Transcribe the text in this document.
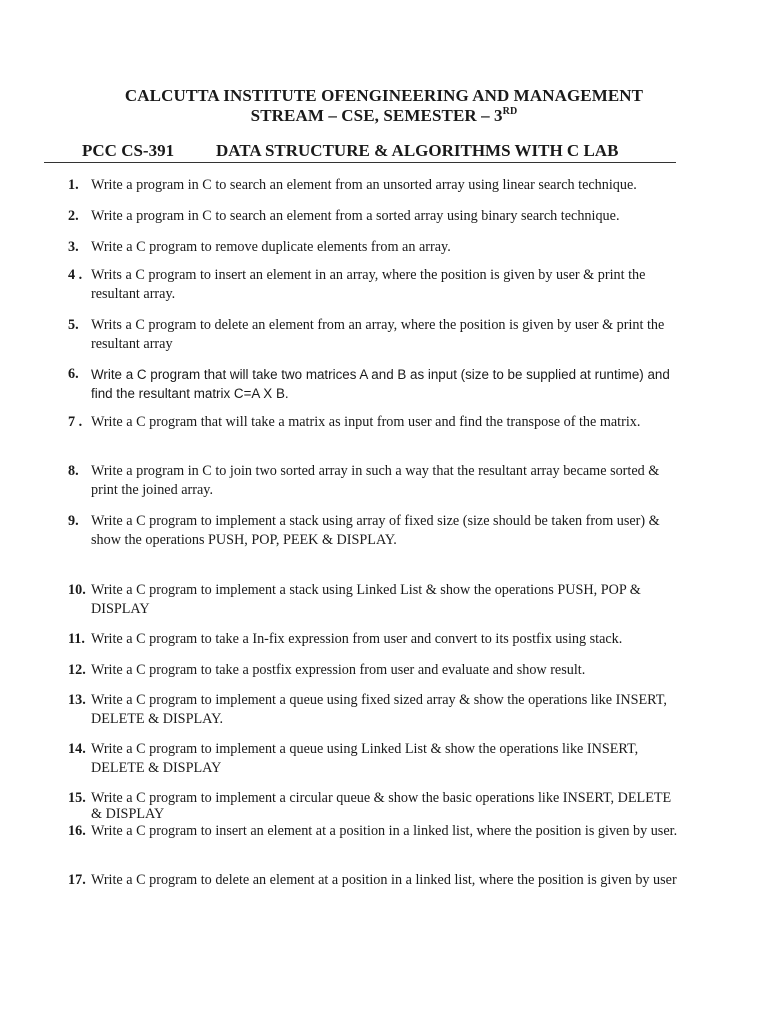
CALCUTTA INSTITUTE OFENGINEERING AND MANAGEMENT
STREAM – CSE, SEMESTER – 3RD
PCC CS-391 DATA STRUCTURE & ALGORITHMS WITH C LAB
1. Write a program in C to search an element from an unsorted array using linear search technique.
2. Write a program in C to search an element from a sorted array using binary search technique.
3. Write a C program to remove duplicate elements from an array.
4 . Writs a C program to insert an element in an array, where the position is given by user & print the resultant array.
5. Writs a C program to delete an element from an array, where the position is given by user & print the resultant array
6. Write a C program that will take two matrices A and B as input (size to be supplied at runtime) and find the resultant matrix C=A X B.
7 . Write a C program that will take a matrix as input from user and find the transpose of the matrix.
8. Write a program in C to join two sorted array in such a way that the resultant array became sorted & print the joined array.
9. Write a C program to implement a stack using array of fixed size (size should be taken from user) & show the operations PUSH, POP, PEEK & DISPLAY.
10. Write a C program to implement a stack using Linked List & show the operations PUSH, POP & DISPLAY
11. Write a C program to take a In-fix expression from user and convert to its postfix using stack.
12. Write a C program to take a postfix expression from user and evaluate and show result.
13. Write a C program to implement a queue using fixed sized array & show the operations like INSERT, DELETE & DISPLAY.
14. Write a C program to implement a queue using Linked List & show the operations like INSERT, DELETE & DISPLAY
15. Write a C program to implement a circular queue & show the basic operations like INSERT, DELETE & DISPLAY
16. Write a C program to insert an element at a position in a linked list, where the position is given by user.
17. Write a C program to delete an element at a position in a linked list, where the position is given by user
